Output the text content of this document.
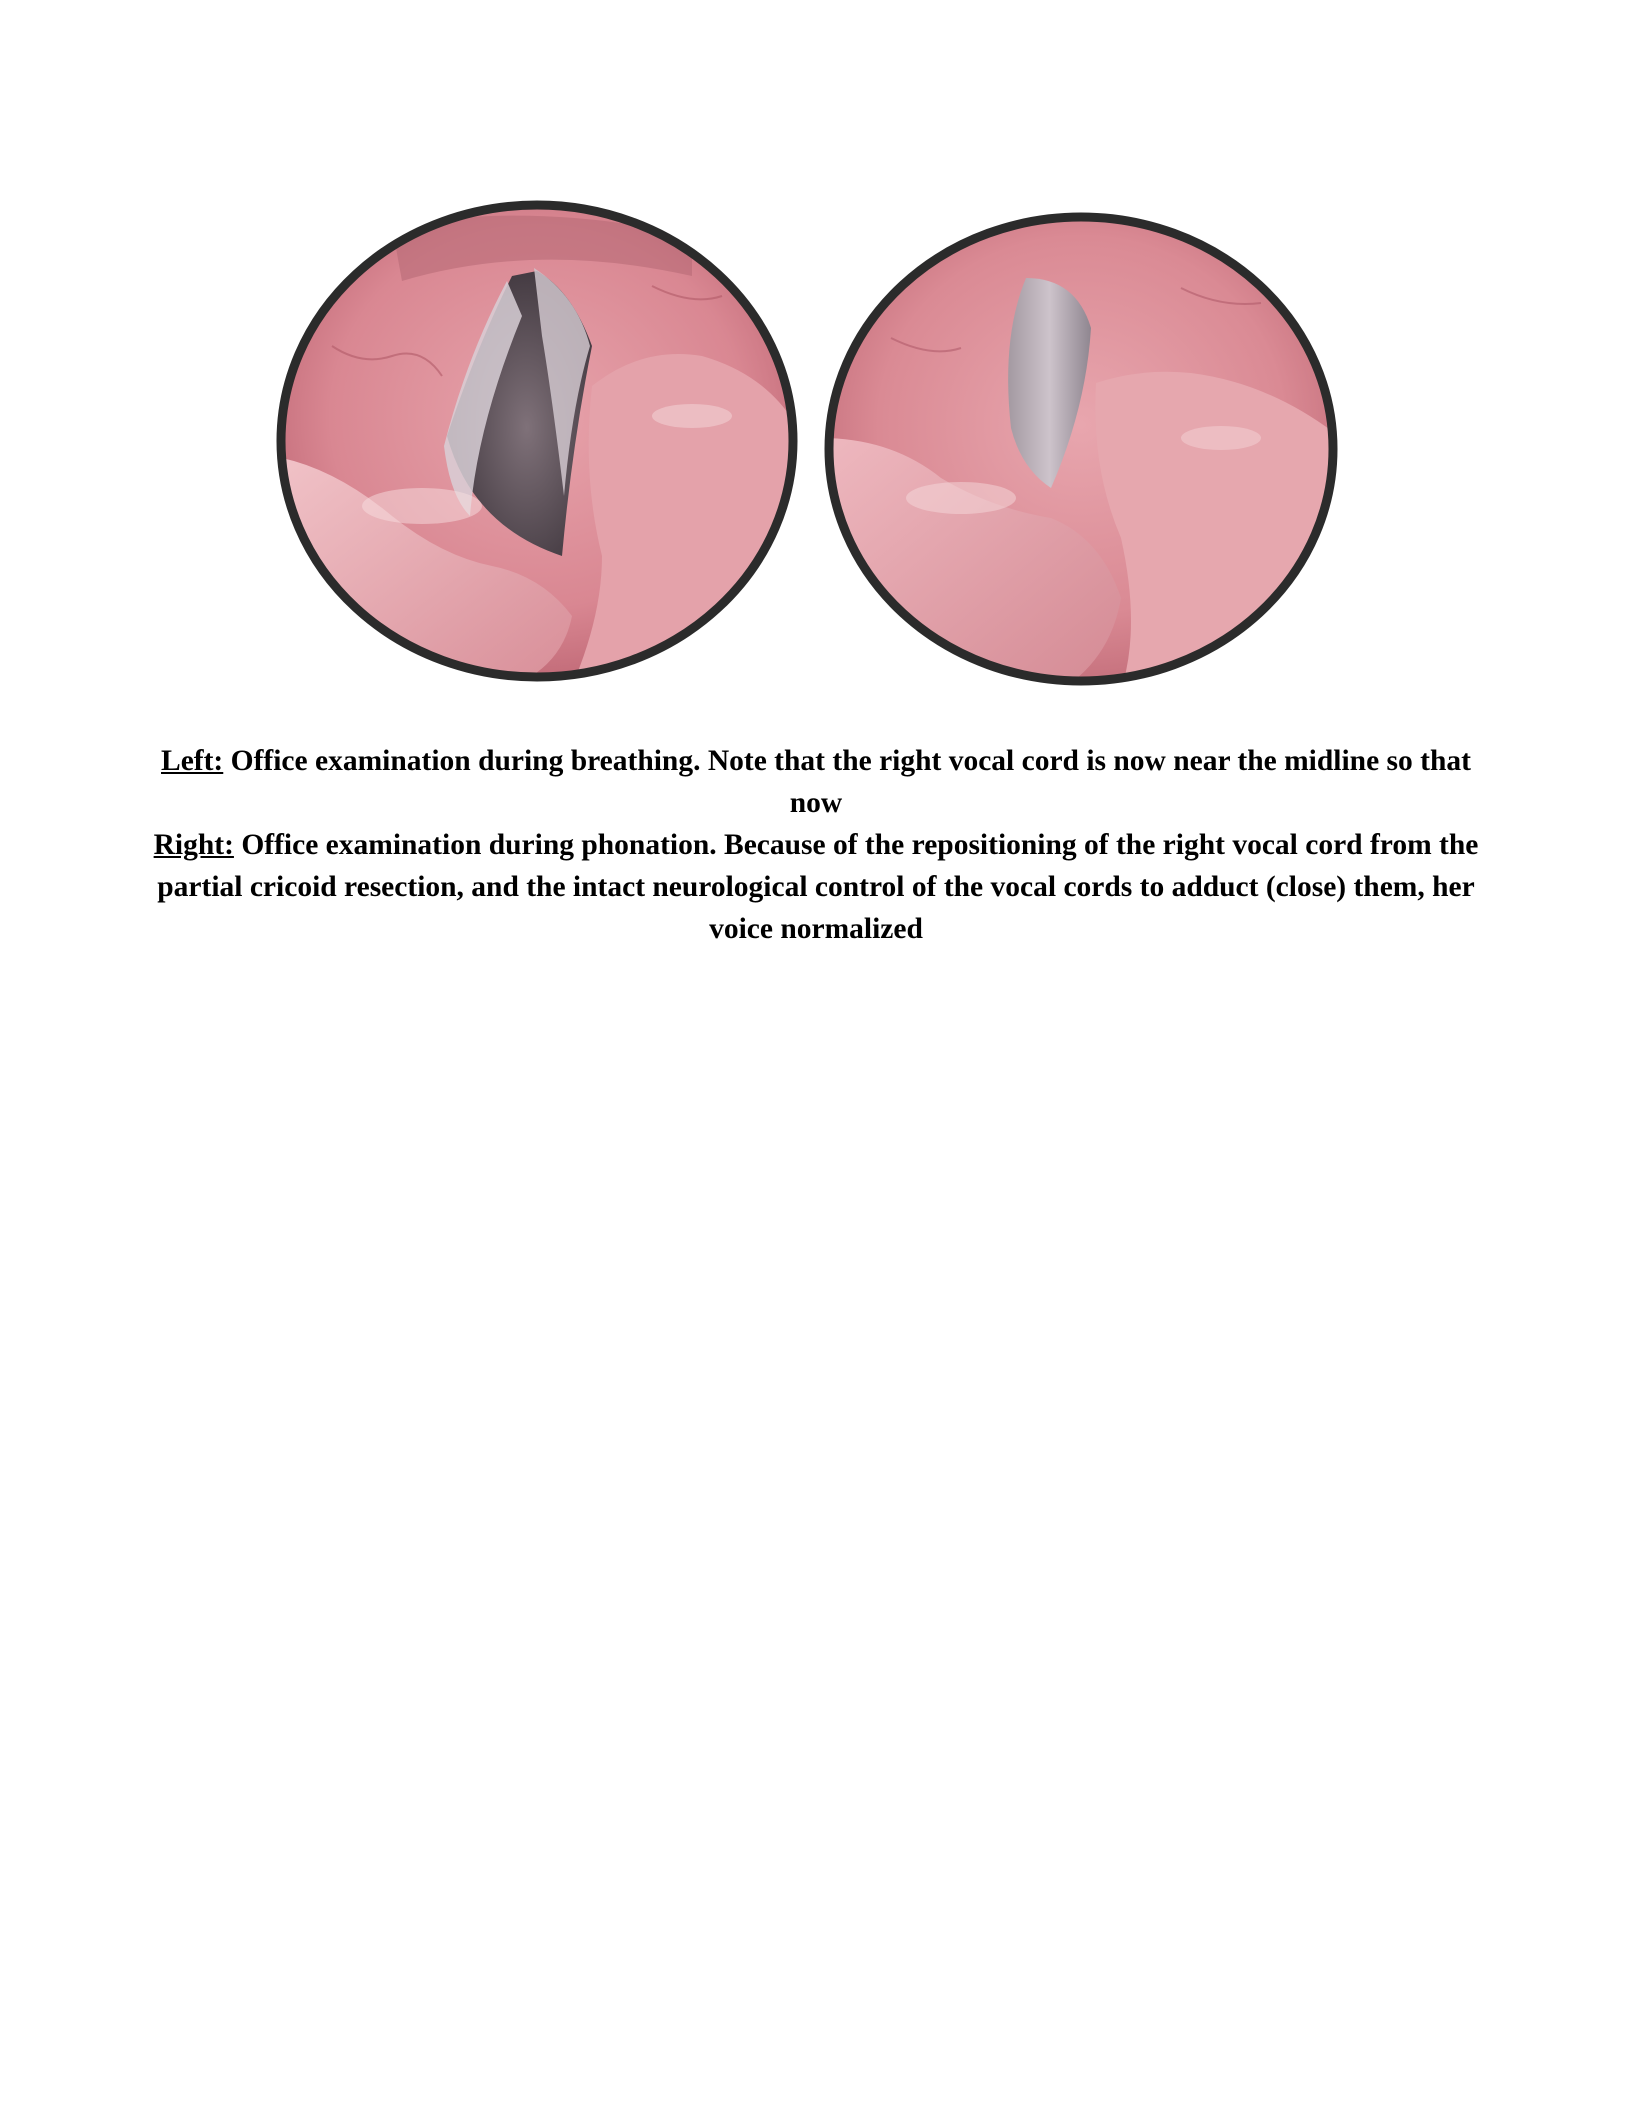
Left: Office examination during breathing. Note that the right vocal cord is now near the midline so that now

Right: Office examination during phonation. Because of the repositioning of the right vocal cord from the partial cricoid resection, and the intact neurological control of the vocal cords to adduct (close) them, her voice normalized
